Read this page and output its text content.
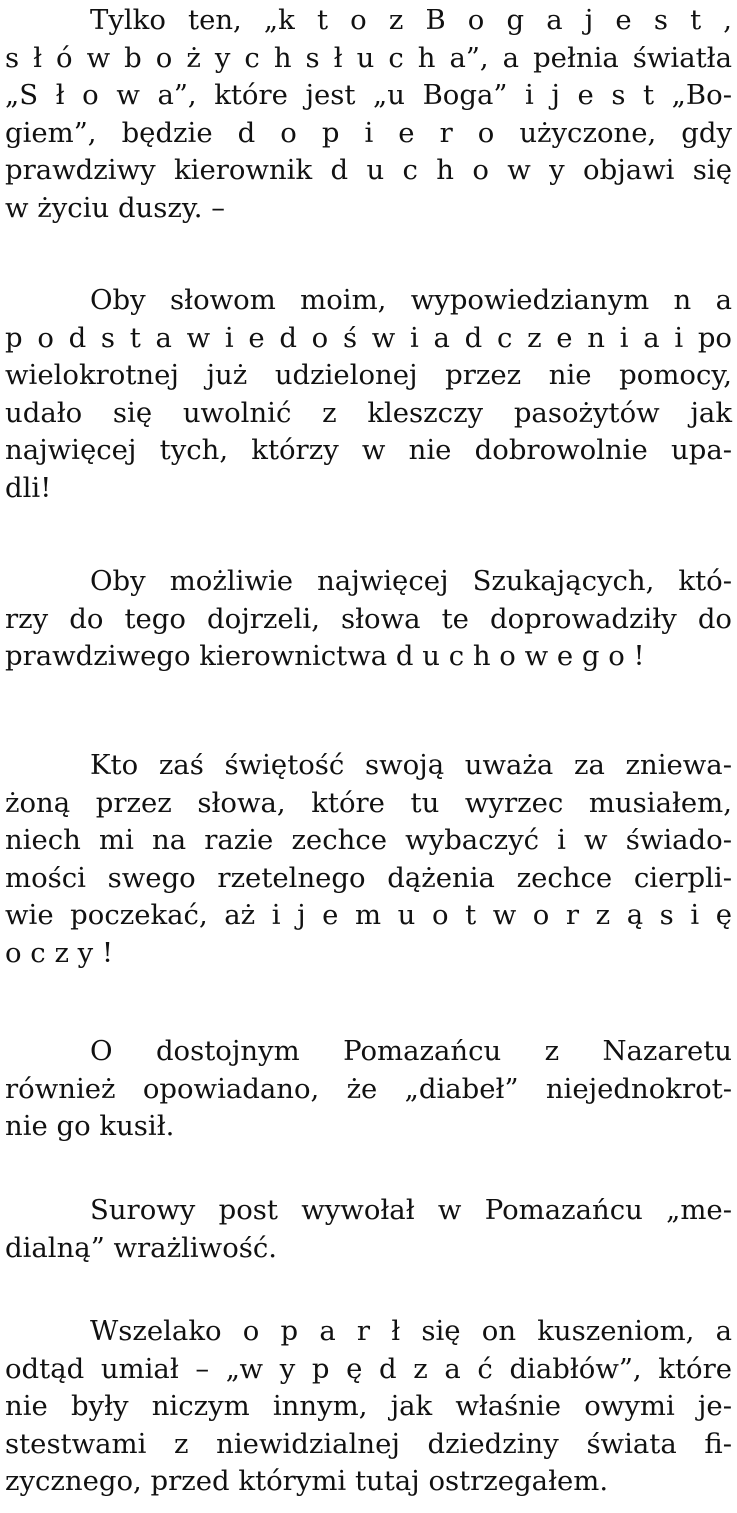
Tylko ten, „k t o z B o g a j e s t ,
s ł ó w b o ż y c h s ł u c h a”, a pełnia światła
„S ł o w a”, które jest „u Boga” i j e s t „Bo-
giem”, będzie d o p i e r o użyczone, gdy
prawdziwy kierownik d u c h o w y objawi się
w życiu duszy. –

Oby słowom moim, wypowiedzianym n a
p o d s t a w i e d o ś w i a d c z e n i a i po
wielokrotnej już udzielonej przez nie pomocy,
udało się uwolnić z kleszczy pasożytów jak
najwięcej tych, którzy w nie dobrowolnie upa-
dli!

Oby możliwie najwięcej Szukających, któ-
rzy do tego dojrzeli, słowa te doprowadziły do
prawdziwego kierownictwa d u c h o w e g o !

Kto zaś świętość swoją uważa za zniewa-
żoną przez słowa, które tu wyrzec musiałem,
niech mi na razie zechce wybaczyć i w świado-
mości swego rzetelnego dążenia zechce cierpli-
wie poczekać, aż i j e m u o t w o r z ą s i ę
o c z y !

O dostojnym Pomazańcu z Nazaretu
również opowiadano, że „diabeł” niejednokrot-
nie go kusił.

Surowy post wywołał w Pomazańcu „me-
dialną” wrażliwość.

Wszelako o p a r ł się on kuszeniom, a
odtąd umiał – „w y p ę d z a ć diabłów”, które
nie były niczym innym, jak właśnie owymi je-
stestwami z niewidzialnej dziedziny świata fi-
zycznego, przed którymi tutaj ostrzegałem.
